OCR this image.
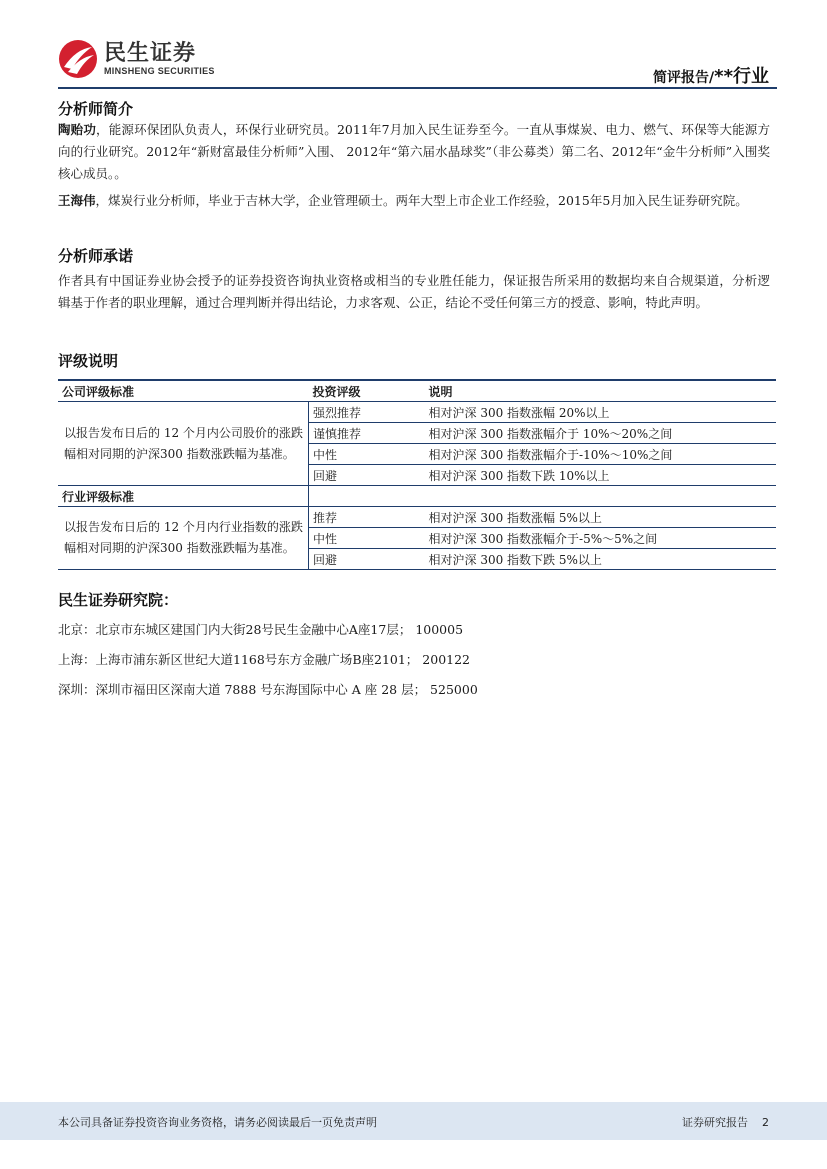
民生证券
MINSHENG SECURITIES	简评报告/**行业
分析师简介
陶贻功，能源环保团队负责人，环保行业研究员。2011年7月加入民生证券至今。一直从事煤炭、电力、燃气、环保等大能源方向的行业研究。2012年“新财富最佳分析师”入围、 2012年“第六届水晶球奖”（非公募类）第二名、2012年“金牛分析师”入围奖核心成员。。
王海伟，煤炭行业分析师，毕业于吉林大学，企业管理硕士。两年大型上市企业工作经验，2015年5月加入民生证券研究院。
分析师承诺
作者具有中国证券业协会授予的证券投资咨询执业资格或相当的专业胜任能力，保证报告所采用的数据均来自合规渠道，分析逻辑基于作者的职业理解，通过合理判断并得出结论，力求客观、公正，结论不受任何第三方的授意、影响，特此声明。
评级说明
公司评级标准	投资评级	说明
以报告发布日后的 12 个月内公司股价的涨跌幅相对同期的沪深300 指数涨跌幅为基准。	强烈推荐	相对沪深 300 指数涨幅 20%以上
	谨慎推荐	相对沪深 300 指数涨幅介于 10%～20%之间
	中性	相对沪深 300 指数涨幅介于-10%～10%之间
	回避	相对沪深 300 指数下跌 10%以上
行业评级标准		
以报告发布日后的 12 个月内行业指数的涨跌幅相对同期的沪深300 指数涨跌幅为基准。	推荐	相对沪深 300 指数涨幅 5%以上
	中性	相对沪深 300 指数涨幅介于-5%～5%之间
	回避	相对沪深 300 指数下跌 5%以上
民生证券研究院：
北京：北京市东城区建国门内大街28号民生金融中心A座17层； 100005
上海：上海市浦东新区世纪大道1168号东方金融广场B座2101； 200122
深圳：深圳市福田区深南大道 7888 号东海国际中心 A 座 28 层； 525000
本公司具备证券投资咨询业务资格，请务必阅读最后一页免责声明	证券研究报告 2
